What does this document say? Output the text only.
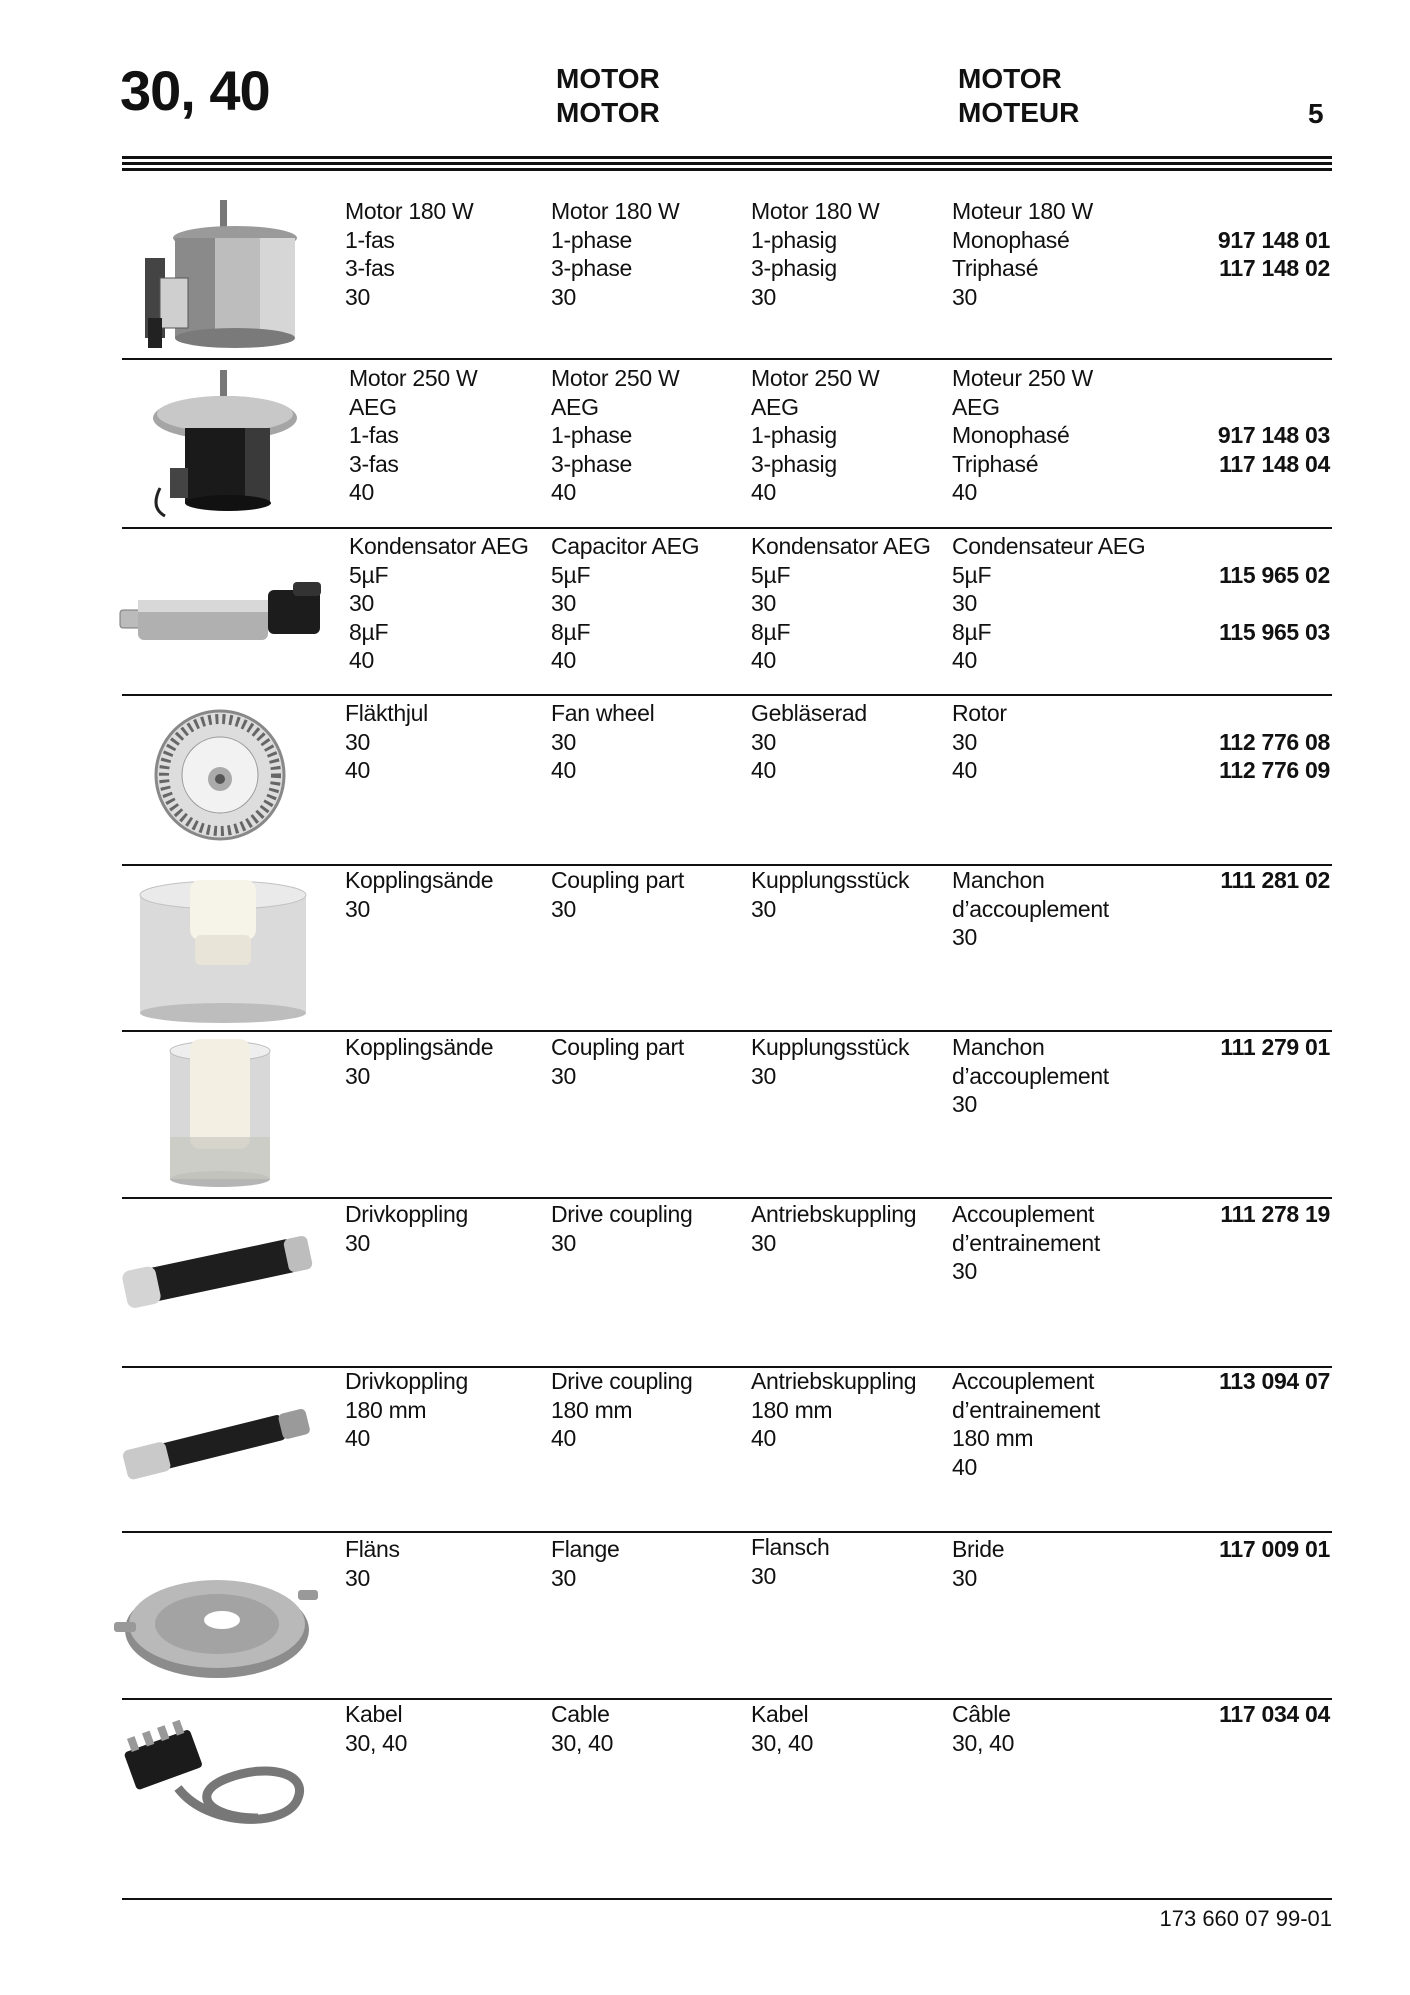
30, 40	MOTOR
MOTOR
MOTOR
MOTEUR	5
Motor 180 W
1-fas
3-fas
30
Motor 180 W
1-phase
3-phase
30
Motor 180 W
1-phasig
3-phasig
30
Moteur 180 W
Monophasé
Triphasé
30
917 148 01
117 148 02
Motor 250 W
AEG
1-fas
3-fas
40
Motor 250 W
AEG
1-phase
3-phase
40
Motor 250 W
AEG
1-phasig
3-phasig
40
Moteur 250 W
AEG
Monophasé
Triphasé
40
917 148 03
117 148 04
Kondensator AEG
5µF
30
8µF
40
Capacitor AEG
5µF
30
8µF
40
Kondensator AEG
5µF
30
8µF
40
Condensateur AEG
5µF
30
8µF
40
115 965 02
115 965 03
Fläkthjul
30
40
Fan wheel
30
40
Gebläserad
30
40
Rotor
30
40
112 776 08
112 776 09
Kopplingsände
30
Coupling part
30
Kupplungsstück
30
Manchon
d’accouplement
30
111 281 02
Kopplingsände
30
Coupling part
30
Kupplungsstück
30
Manchon
d’accouplement
30
111 279 01
Drivkoppling
30
Drive coupling
30
Antriebskuppling
30
Accouplement
d’entrainement
30
111 278 19
Drivkoppling
180 mm
40
Drive coupling
180 mm
40
Antriebskuppling
180 mm
40
Accouplement
d’entrainement
180 mm
40
113 094 07
Fläns
30
Flange
30
Flansch
30
Bride
30
117 009 01
Kabel
30, 40
Cable
30, 40
Kabel
30, 40
Câble
30, 40
117 034 04
173 660 07 99-01
